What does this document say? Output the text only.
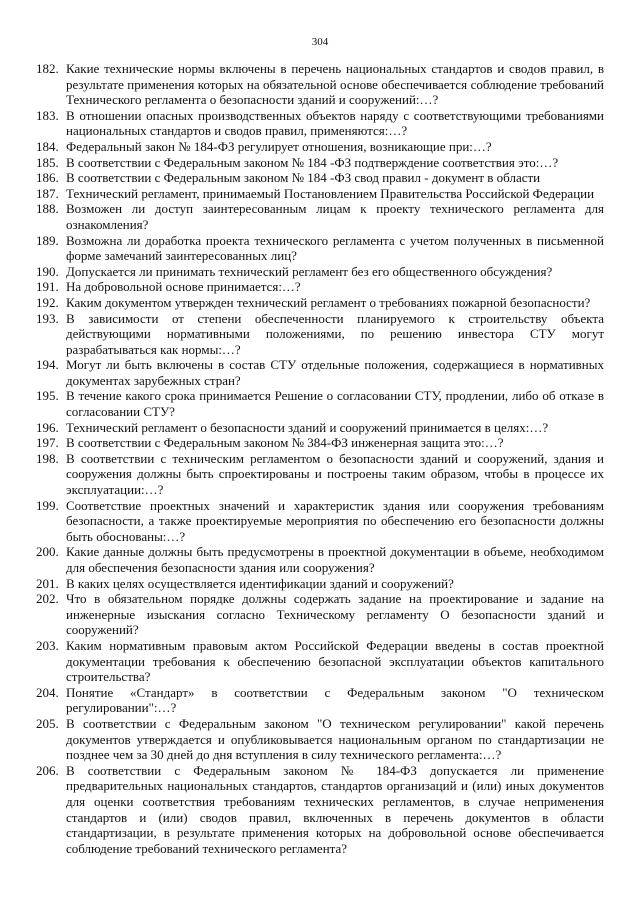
304
182. Какие технические нормы включены в перечень национальных стандартов и сводов правил, в результате применения которых на обязательной основе обеспечивается соблюдение требований Технического регламента о безопасности зданий и сооружений:…?
183. В отношении опасных производственных объектов наряду с соответствующими требованиями национальных стандартов и сводов правил, применяются:…?
184. Федеральный закон № 184-ФЗ регулирует отношения, возникающие при:…?
185. В соответствии с Федеральным законом № 184 -ФЗ подтверждение соответствия это:…?
186. В соответствии с Федеральным законом № 184 -ФЗ свод правил - документ в области
187. Технический регламент, принимаемый Постановлением Правительства Российской Федерации
188. Возможен ли доступ заинтересованным лицам к проекту технического регламента для ознакомления?
189. Возможна ли доработка проекта технического регламента с учетом полученных в письменной форме замечаний заинтересованных лиц?
190. Допускается ли принимать технический регламент без его общественного обсуждения?
191. На добровольной основе принимается:…?
192. Каким документом утвержден технический регламент о требованиях пожарной безопасности?
193. В зависимости от степени обеспеченности планируемого к строительству объекта действующими нормативными положениями, по решению инвестора СТУ могут разрабатываться как нормы:…?
194. Могут ли быть включены в состав СТУ отдельные положения, содержащиеся в нормативных документах зарубежных стран?
195. В течение какого срока принимается Решение о согласовании СТУ, продлении, либо об отказе в согласовании СТУ?
196. Технический регламент о безопасности зданий и сооружений принимается в целях:…?
197. В соответствии с Федеральным законом № 384-ФЗ инженерная защита это:…?
198. В соответствии с техническим регламентом о безопасности зданий и сооружений, здания и сооружения должны быть спроектированы и построены таким образом, чтобы в процессе их эксплуатации:…?
199. Соответствие проектных значений и характеристик здания или сооружения требованиям безопасности, а также проектируемые мероприятия по обеспечению его безопасности должны быть обоснованы:…?
200. Какие данные должны быть предусмотрены в проектной документации в объеме, необходимом для обеспечения безопасности здания или сооружения?
201. В каких целях осуществляется идентификации зданий и сооружений?
202. Что в обязательном порядке должны содержать задание на проектирование и задание на инженерные изыскания согласно Техническому регламенту О безопасности зданий и сооружений?
203. Каким нормативным правовым актом Российской Федерации введены в состав проектной документации требования к обеспечению безопасной эксплуатации объектов капитального строительства?
204. Понятие «Стандарт» в соответствии с Федеральным законом "О техническом регулировании":…?
205. В соответствии с Федеральным законом "О техническом регулировании" какой перечень документов утверждается и опубликовывается национальным органом по стандартизации не позднее чем за 30 дней до дня вступления в силу технического регламента:…?
206. В соответствии с Федеральным законом № 184-ФЗ допускается ли применение предварительных национальных стандартов, стандартов организаций и (или) иных документов для оценки соответствия требованиям технических регламентов, в случае неприменения стандартов и (или) сводов правил, включенных в перечень документов в области стандартизации, в результате применения которых на добровольной основе обеспечивается соблюдение требований технического регламента?
